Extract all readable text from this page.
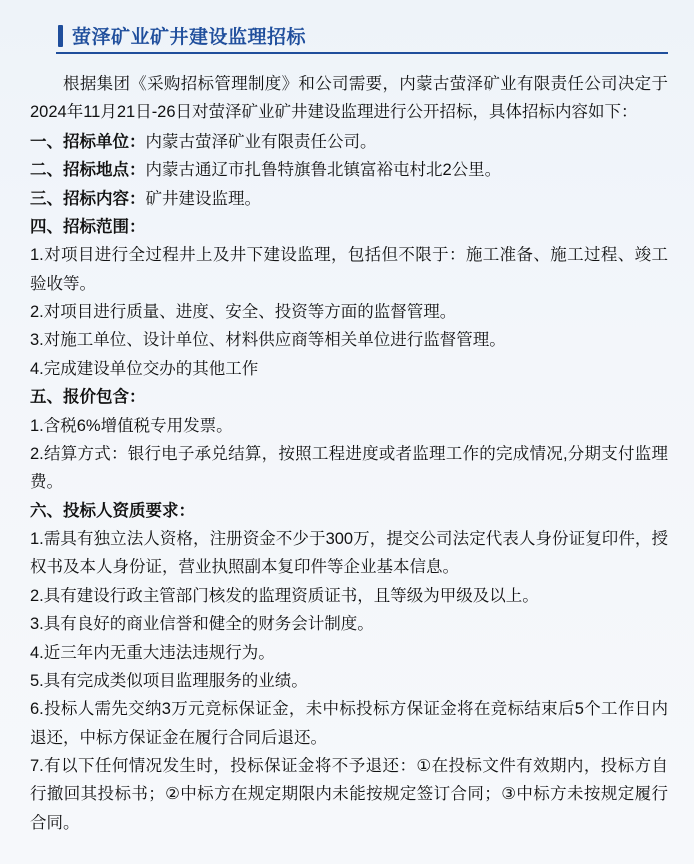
萤泽矿业矿井建设监理招标

根据集团《采购招标管理制度》和公司需要，内蒙古萤泽矿业有限责任公司决定于2024年11月21日-26日对萤泽矿业矿井建设监理进行公开招标，具体招标内容如下：

一、招标单位：内蒙古萤泽矿业有限责任公司。

二、招标地点：内蒙古通辽市扎鲁特旗鲁北镇富裕屯村北2公里。

三、招标内容：矿井建设监理。

四、招标范围：

1.对项目进行全过程井上及井下建设监理，包括但不限于：施工准备、施工过程、竣工验收等。

2.对项目进行质量、进度、安全、投资等方面的监督管理。

3.对施工单位、设计单位、材料供应商等相关单位进行监督管理。

4.完成建设单位交办的其他工作

五、报价包含：

1.含税6%增值税专用发票。

2.结算方式：银行电子承兑结算，按照工程进度或者监理工作的完成情况,分期支付监理费。

六、投标人资质要求：

1.需具有独立法人资格，注册资金不少于300万，提交公司法定代表人身份证复印件，授权书及本人身份证，营业执照副本复印件等企业基本信息。

2.具有建设行政主管部门核发的监理资质证书，且等级为甲级及以上。

3.具有良好的商业信誉和健全的财务会计制度。

4.近三年内无重大违法违规行为。

5.具有完成类似项目监理服务的业绩。

6.投标人需先交纳3万元竞标保证金，未中标投标方保证金将在竞标结束后5个工作日内退还，中标方保证金在履行合同后退还。

7.有以下任何情况发生时，投标保证金将不予退还：①在投标文件有效期内，投标方自行撤回其投标书；②中标方在规定期限内未能按规定签订合同；③中标方未按规定履行合同。
